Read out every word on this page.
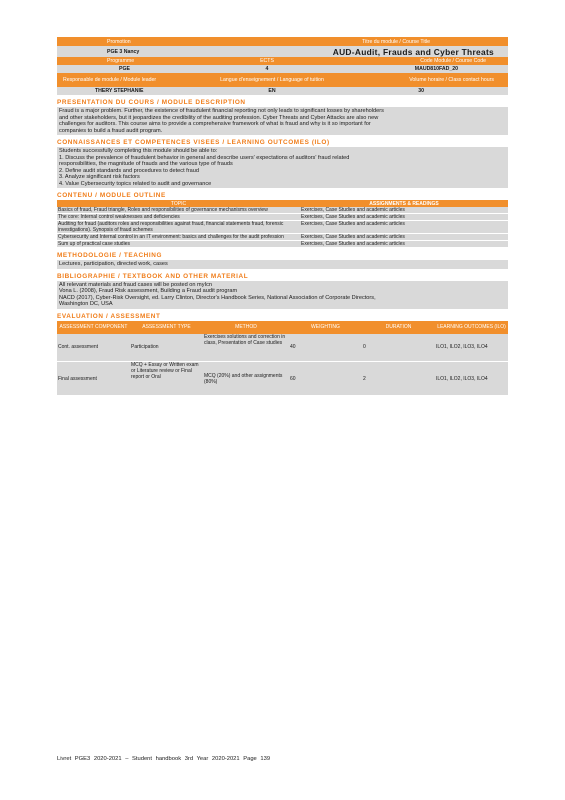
Promotion	Titre du module / Course Title
PGE 3 Nancy	AUD-Audit, Frauds and Cyber Threats
Programme	ECTS	Code Module / Course Code
PGE	4	MAUD810FAD_20
Responsable de module / Module leader	Langue d'enseignement / Language of tuition	Volume horaire / Class contact hours
THERY STEPHANIE	EN	30
PRESENTATION DU COURS / MODULE DESCRIPTION
Fraud is a major problem. Further, the existence of fraudulent financial reporting not only leads to significant losses by shareholders
and other stakeholders, but it jeopardizes the credibility of the auditing profession. Cyber Threats and Cyber Attacks are also new
challenges for auditors. This course aims to provide a comprehensive framework of what is fraud and why is it so important for
companies to build a fraud audit program.
CONNAISSANCES ET COMPETENCES VISEES / LEARNING OUTCOMES (ILO)
Students successfully completing this module should be able to:
1. Discuss the prevalence of fraudulent behavior in general and describe users' expectations of auditors' fraud related
responsibilities, the magnitude of frauds and the various type of frauds
2. Define audit standards and procedures to detect fraud
3. Analyze significant risk factors
4. Value Cybersecurity topics related to audit and governance
CONTENU / MODULE OUTLINE
TOPIC	ASSIGNMENTS & READINGS
Basics of fraud, Fraud triangle, Roles and responsibilities of governance mechanisms overview	Exercises, Case Studies and academic articles
The core: Internal control weaknesses and deficiencies	Exercises, Case Studies and academic articles
Auditing for fraud (auditors roles and responsibilities against fraud, financial statements fraud, forensic investigations). Synopsis of fraud schemes	Exercises, Case Studies and academic articles
Cybersecurity and Internal control in an IT environment: basics and challenges for the audit profession	Exercises, Case Studies and academic articles
Sum up of practical case studies	Exercises, Case Studies and academic articles
METHODOLOGIE / TEACHING
Lectures, participation, directed work, cases
BIBLIOGRAPHIE / TEXTBOOK AND OTHER MATERIAL
All relevant materials and fraud cases will be posted on myIcn
Vona L. (2008), Fraud Risk assessment, Building a Fraud audit program
NACD (2017), Cyber-Risk Oversight, ed. Larry Clinton, Director's Handbook Series, National Association of Corporate Directors,
Washington DC, USA
EVALUATION / ASSESSMENT
ASSESSMENT COMPONENT	ASSESSMENT TYPE	METHOD	WEIGHTING	DURATION	LEARNING OUTCOMES (ILO)
Cont. assessment	Participation	Exercises solutions and correction in class, Presentation of Case studies	40	0	ILO1, ILO2, ILO3, ILO4
Final assessment	MCQ + Essay or Written exam or Literature review or Final report or Oral	MCQ (20%) and other assignments (80%)	60	2	ILO1, ILO2, ILO3, ILO4
Livret PGE3 2020-2021 – Student handbook 3rd Year 2020-2021 Page 139
